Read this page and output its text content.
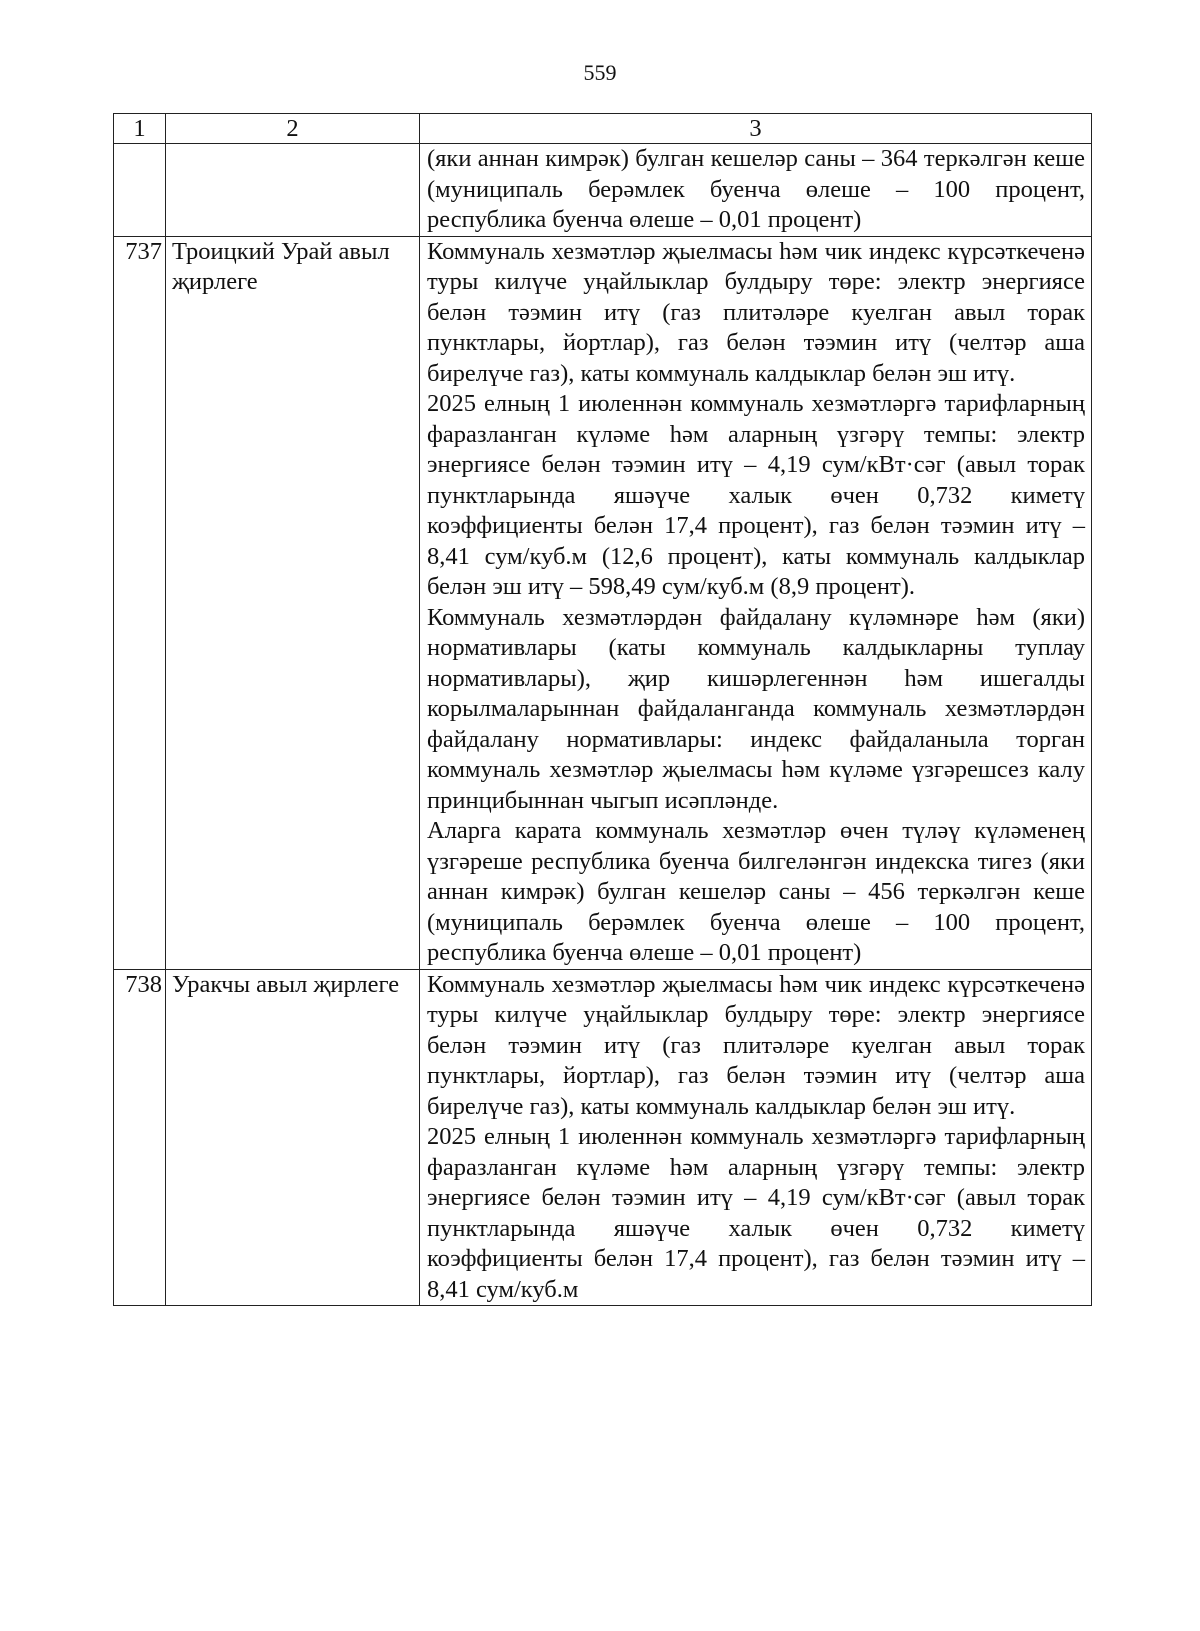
559
1	2	3

		(яки аннан кимрәк) булган кешеләр саны – 364 теркәлгән кеше (муниципаль берәмлек буенча өлеше – 100 процент, республика буенча өлеше – 0,01 процент)

737	Троицкий Урай авыл җирлеге	Коммуналь хезмәтләр җыелмасы һәм чик индекс күрсәткеченә туры килүче уңайлыклар булдыру төре: электр энергиясе белән тәэмин итү (газ плитәләре куелган авыл торак пунктлары, йортлар), газ белән тәэмин итү (челтәр аша бирелүче газ), каты коммуналь калдыклар белән эш итү.

2025 елның 1 июленнән коммуналь хезмәтләргә тарифларның фаразланган күләме һәм аларның үзгәрү темпы: электр энергиясе белән тәэмин итү – 4,19 сум/кВт·сәг (авыл торак пунктларында яшәүче халык өчен 0,732 киметү коэффициенты белән 17,4 процент), газ белән тәэмин итү – 8,41 сум/куб.м (12,6 процент), каты коммуналь калдыклар белән эш итү – 598,49 сум/куб.м (8,9 процент).

Коммуналь хезмәтләрдән файдалану күләмнәре һәм (яки) нормативлары (каты коммуналь калдыкларны туплау нормативлары), җир кишәрлегеннән һәм ишегалды корылмаларыннан файдаланганда коммуналь хезмәтләрдән файдалану нормативлары: индекс файдаланыла торган коммуналь хезмәтләр җыелмасы һәм күләме үзгәрешсез калу принцибыннан чыгып исәпләнде.

Аларга карата коммуналь хезмәтләр өчен түләү күләменең үзгәреше республика буенча билгеләнгән индекска тигез (яки аннан кимрәк) булган кешеләр саны – 456 теркәлгән кеше (муниципаль берәмлек буенча өлеше – 100 процент, республика буенча өлеше – 0,01 процент)

738	Уракчы авыл җирлеге	Коммуналь хезмәтләр җыелмасы һәм чик индекс күрсәткеченә туры килүче уңайлыклар булдыру төре: электр энергиясе белән тәэмин итү (газ плитәләре куелган авыл торак пунктлары, йортлар), газ белән тәэмин итү (челтәр аша бирелүче газ), каты коммуналь калдыклар белән эш итү.

2025 елның 1 июленнән коммуналь хезмәтләргә тарифларның фаразланган күләме һәм аларның үзгәрү темпы: электр энергиясе белән тәэмин итү – 4,19 сум/кВт·сәг (авыл торак пунктларында яшәүче халык өчен 0,732 киметү коэффициенты белән 17,4 процент), газ белән тәэмин итү – 8,41 сум/куб.м
